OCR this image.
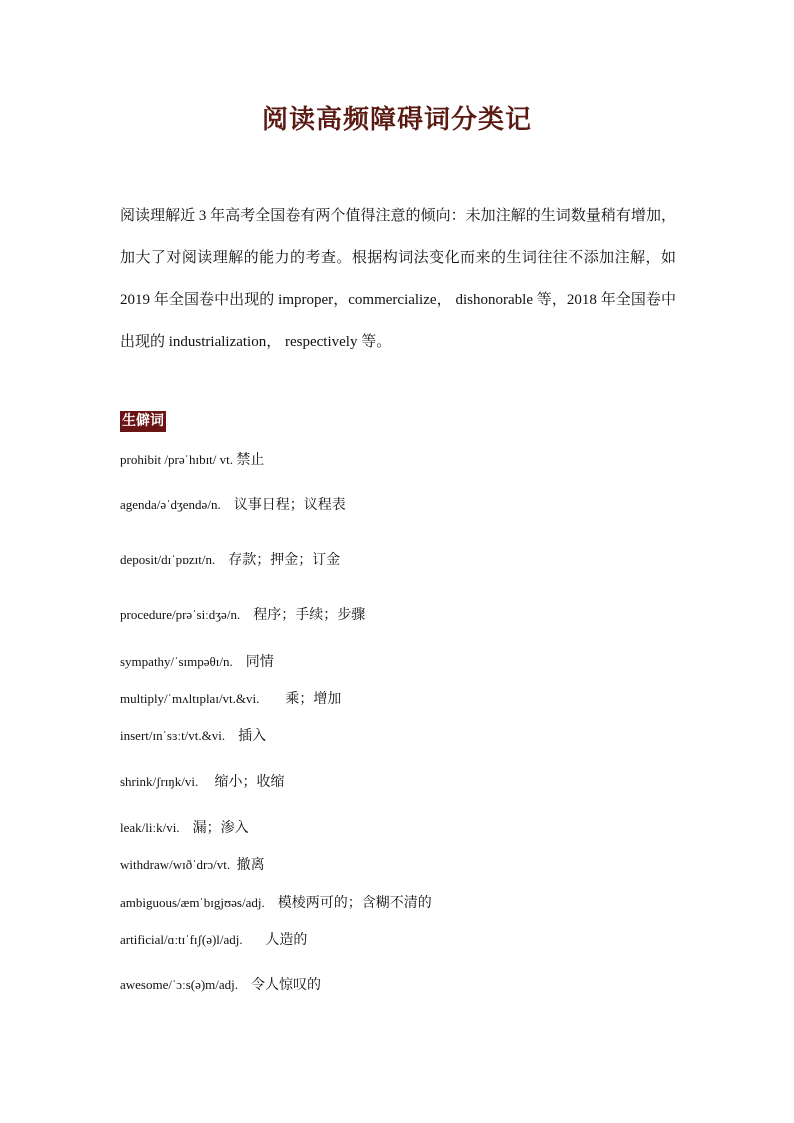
阅读高频障碍词分类记

阅读理解近 3 年高考全国卷有两个值得注意的倾向：未加注解的生词数量稍有增加，加大了对阅读理解的能力的考查。根据构词法变化而来的生词往往不添加注解，如 2019 年全国卷中出现的 improper，commercialize， dishonorable 等，2018 年全国卷中出现的 industrialization， respectively 等。

生僻词
prohibit /prəˈhɪbɪt/ vt. 禁止
agenda/əˈdʒendə/n. 议事日程；议程表
deposit/dɪˈpɒzɪt/n. 存款；押金；订金
procedure/prəˈsiːdʒə/n. 程序；手续；步骤
sympathy/ˈsɪmpəθɪ/n. 同情
multiply/ˈmʌltɪplaɪ/vt.&vi. 乘；增加
insert/ɪnˈsɜːt/vt.&vi. 插入
shrink/ʃrɪŋk/vi. 缩小；收缩
leak/liːk/vi. 漏；渗入
withdraw/wɪðˈdrɔ/vt. 撤离
ambiguous/æmˈbɪgjʊəs/adj. 模棱两可的；含糊不清的
artificial/ɑːtɪˈfɪʃ(ə)l/adj. 人造的
awesome/ˈɔːs(ə)m/adj. 令人惊叹的
